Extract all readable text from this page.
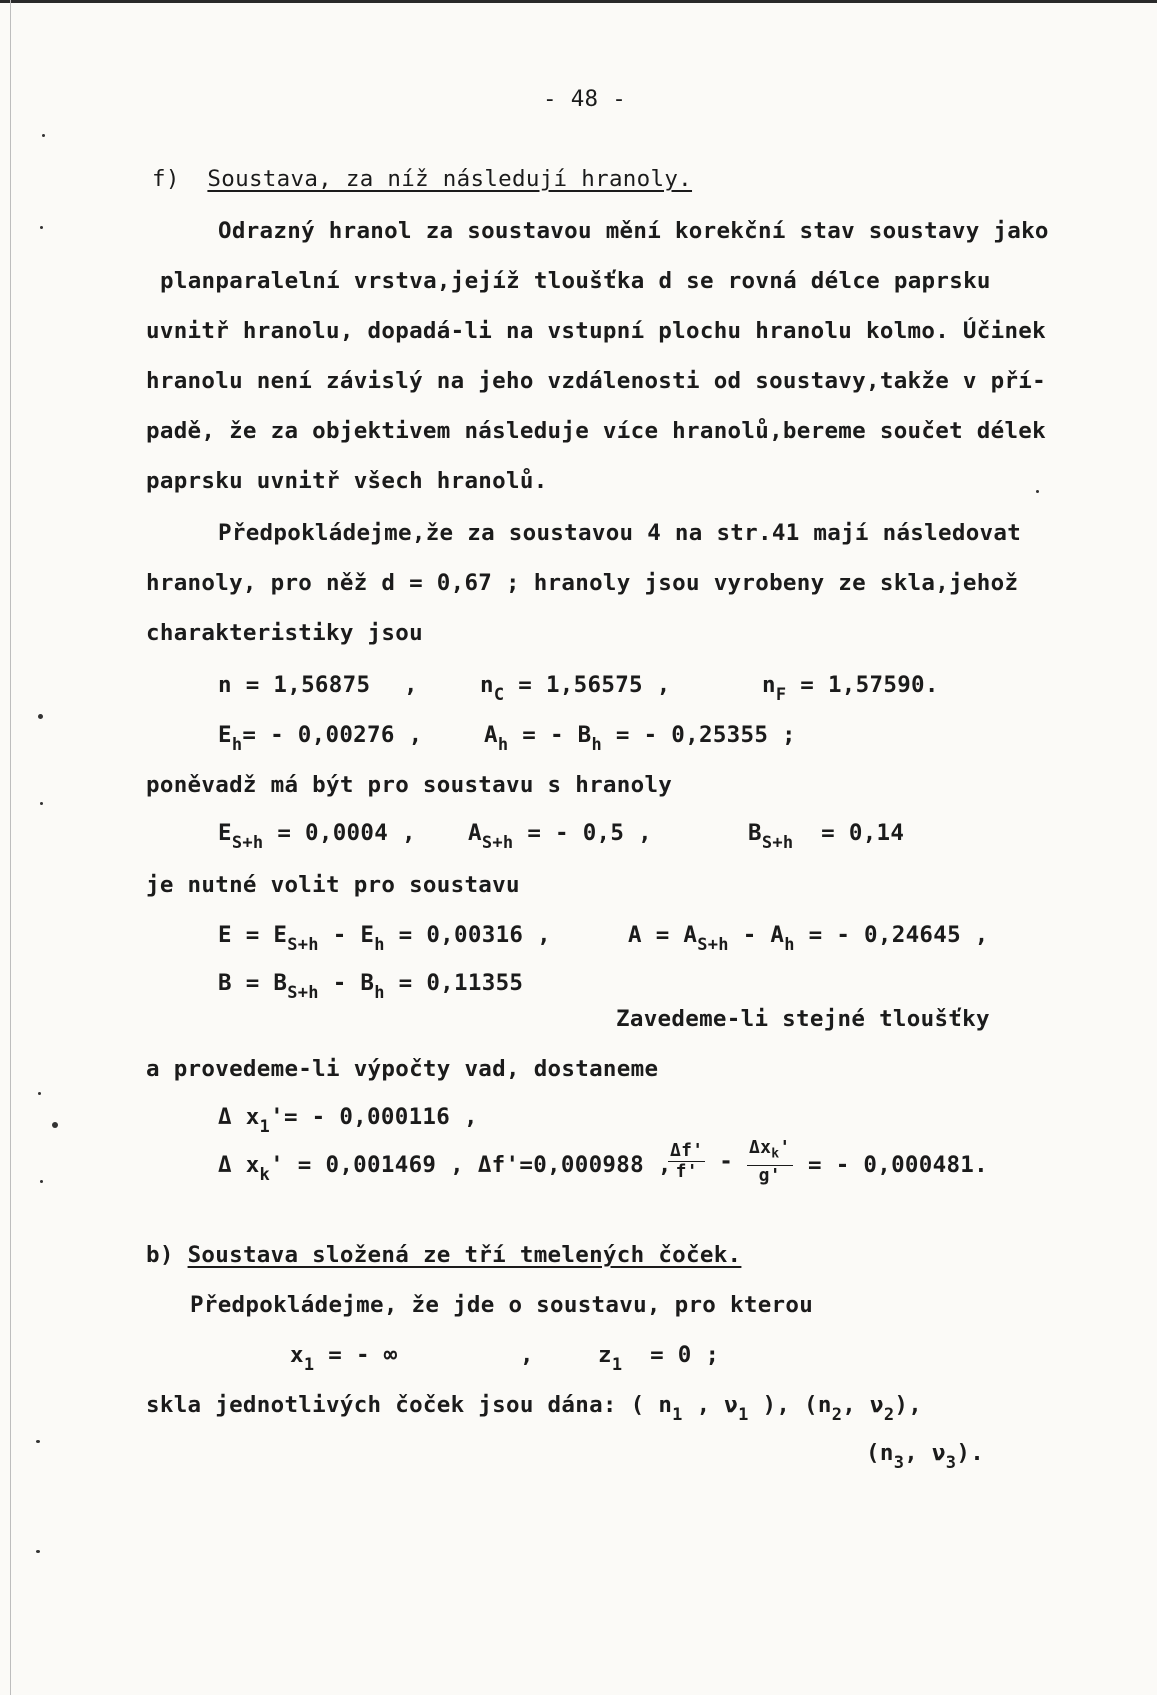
- 48 -
f) Soustava, za níž následují hranoly.
Odrazný hranol za soustavou mění korekční stav soustavy jako
planparalelní vrstva,jejíž tloušťka d se rovná délce paprsku
uvnitř hranolu, dopadá-li na vstupní plochu hranolu kolmo. Účinek
hranolu není závislý na jeho vzdálenosti od soustavy,takže v pří-
padě, že za objektivem následuje více hranolů,bereme součet délek
paprsku uvnitř všech hranolů.
Předpokládejme,že za soustavou 4 na str.41 mají následovat
hranoly, pro něž d = 0,67 ; hranoly jsou vyrobeny ze skla,jehož
charakteristiky jsou
n = 1,56875 ,	$n_C = 1,56575$ ,	$n_F = 1,57590$.
$E_h= - 0,00276$ ,	$A_h$ = - $B_h$ = - 0,25355 ;
poněvadž má být pro soustavu s hranoly
$E_{S+h} = 0,0004$ , $A_{S+h}$ = - 0,5 ,	$B_{S+h} = 0,14$
je nutné volit pro soustavu
$E = E_{S+h} - E_h = 0,00316$ ,	$A = A_{S+h} - A_h$ = - 0,24645 ,
$B = B_{S+h} - B_h = 0,11355$
Zavedeme-li stejné tloušťky
a provedeme-li výpočty vad, dostaneme
Δ $x_1'= - 0,000116$ ,
Δ $x_k' = 0,001469$ , Δf'=0,000988 ,
$\frac{\Delta f'}{f'} - \frac{\Delta x_k'}{g'}$ = - 0,000481.
b) Soustava složená ze tří tmelených čoček.
Předpokládejme, že jde o soustavu, pro kterou
$x_1$ = - ∞	,	$z_1 = 0$ ;
skla jednotlivých čoček jsou dána: ( $n_1$ , $\nu_1$ ), ($n_2$, $\nu_2$),
($n_3$, $\nu_3$).
